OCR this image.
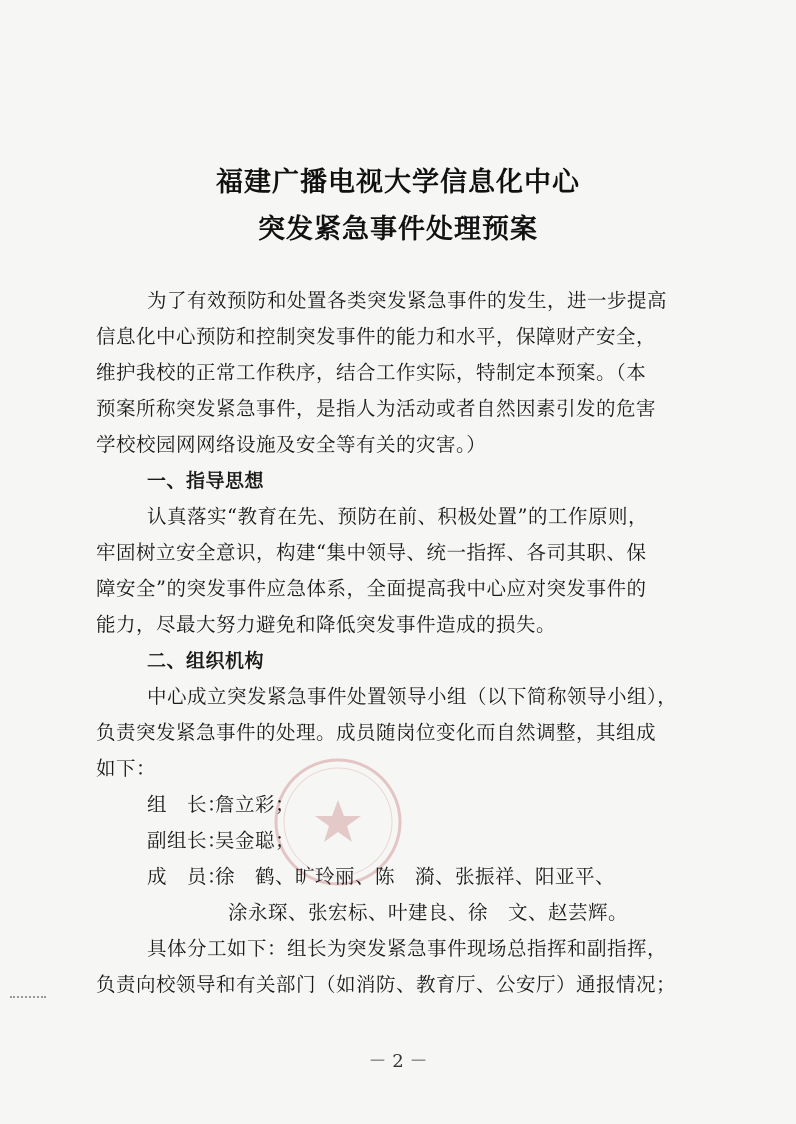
福建广播电视大学信息化中心
突发紧急事件处理预案
为了有效预防和处置各类突发紧急事件的发生，进一步提高
信息化中心预防和控制突发事件的能力和水平，保障财产安全，
维护我校的正常工作秩序，结合工作实际，特制定本预案。（本
预案所称突发紧急事件，是指人为活动或者自然因素引发的危害
学校校园网网络设施及安全等有关的灾害。）
一、指导思想
认真落实“教育在先、预防在前、积极处置”的工作原则，
牢固树立安全意识，构建“集中领导、统一指挥、各司其职、保
障安全”的突发事件应急体系，全面提高我中心应对突发事件的
能力，尽最大努力避免和降低突发事件造成的损失。
二、组织机构
中心成立突发紧急事件处置领导小组（以下简称领导小组），
负责突发紧急事件的处理。成员随岗位变化而自然调整，其组成
如下：
组　长：詹立彩；
副组长：吴金聪；
成　员：徐　鹤、旷玲丽、陈　漪、张振祥、阳亚平、
涂永琛、张宏标、叶建良、徐　文、赵芸辉。
具体分工如下：组长为突发紧急事件现场总指挥和副指挥，
负责向校领导和有关部门（如消防、教育厅、公安厅）通报情况；
－ 2 －
